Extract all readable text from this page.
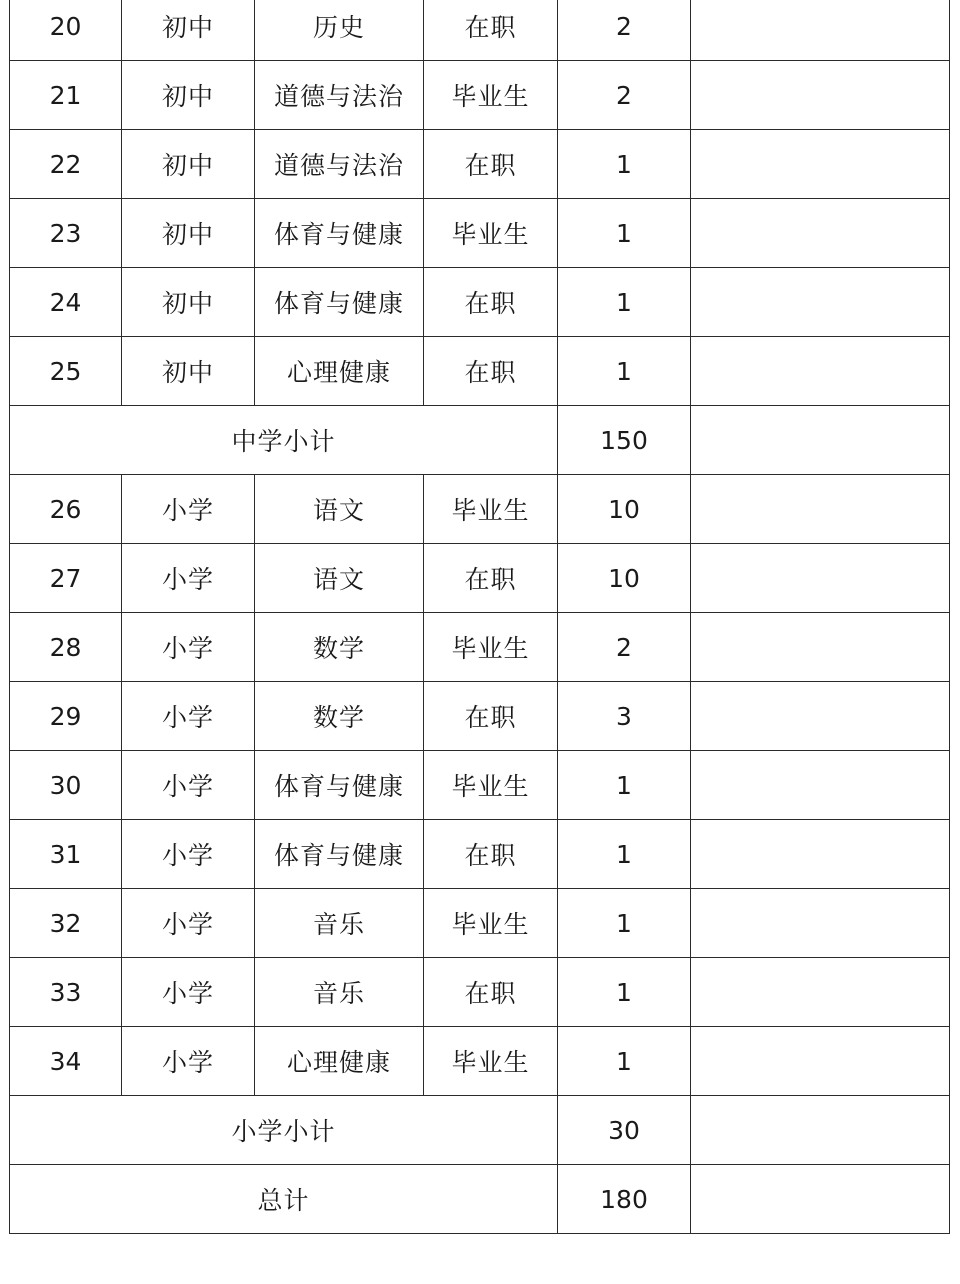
20	初中	历史	在职	2	
21	初中	道德与法治	毕业生	2	
22	初中	道德与法治	在职	1	
23	初中	体育与健康	毕业生	1	
24	初中	体育与健康	在职	1	
25	初中	心理健康	在职	1	
中学小计				150	
26	小学	语文	毕业生	10	
27	小学	语文	在职	10	
28	小学	数学	毕业生	2	
29	小学	数学	在职	3	
30	小学	体育与健康	毕业生	1	
31	小学	体育与健康	在职	1	
32	小学	音乐	毕业生	1	
33	小学	音乐	在职	1	
34	小学	心理健康	毕业生	1	
小学小计				30	
总计				180	
